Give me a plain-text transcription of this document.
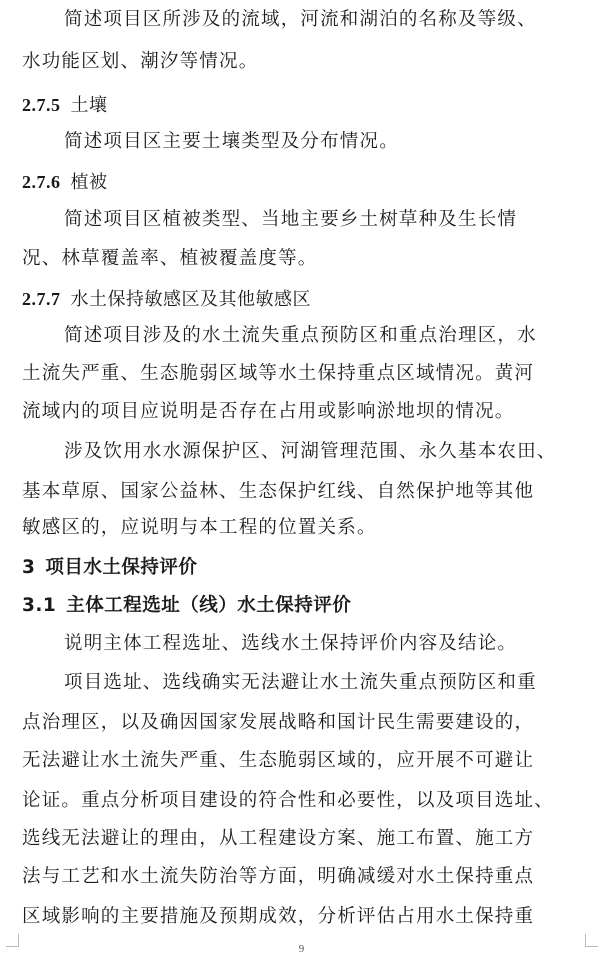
简述项目区所涉及的流域，河流和湖泊的名称及等级、
水功能区划、潮汐等情况。
2.7.5 土壤
简述项目区主要土壤类型及分布情况。
2.7.6 植被
简述项目区植被类型、当地主要乡土树草种及生长情
况、林草覆盖率、植被覆盖度等。
2.7.7 水土保持敏感区及其他敏感区
简述项目涉及的水土流失重点预防区和重点治理区，水
土流失严重、生态脆弱区域等水土保持重点区域情况。黄河
流域内的项目应说明是否存在占用或影响淤地坝的情况。
涉及饮用水水源保护区、河湖管理范围、永久基本农田、
基本草原、国家公益林、生态保护红线、自然保护地等其他
敏感区的，应说明与本工程的位置关系。
3 项目水土保持评价
3.1 主体工程选址（线）水土保持评价
说明主体工程选址、选线水土保持评价内容及结论。
项目选址、选线确实无法避让水土流失重点预防区和重
点治理区，以及确因国家发展战略和国计民生需要建设的，
无法避让水土流失严重、生态脆弱区域的，应开展不可避让
论证。重点分析项目建设的符合性和必要性，以及项目选址、
选线无法避让的理由，从工程建设方案、施工布置、施工方
法与工艺和水土流失防治等方面，明确减缓对水土保持重点
区域影响的主要措施及预期成效，分析评估占用水土保持重
9
